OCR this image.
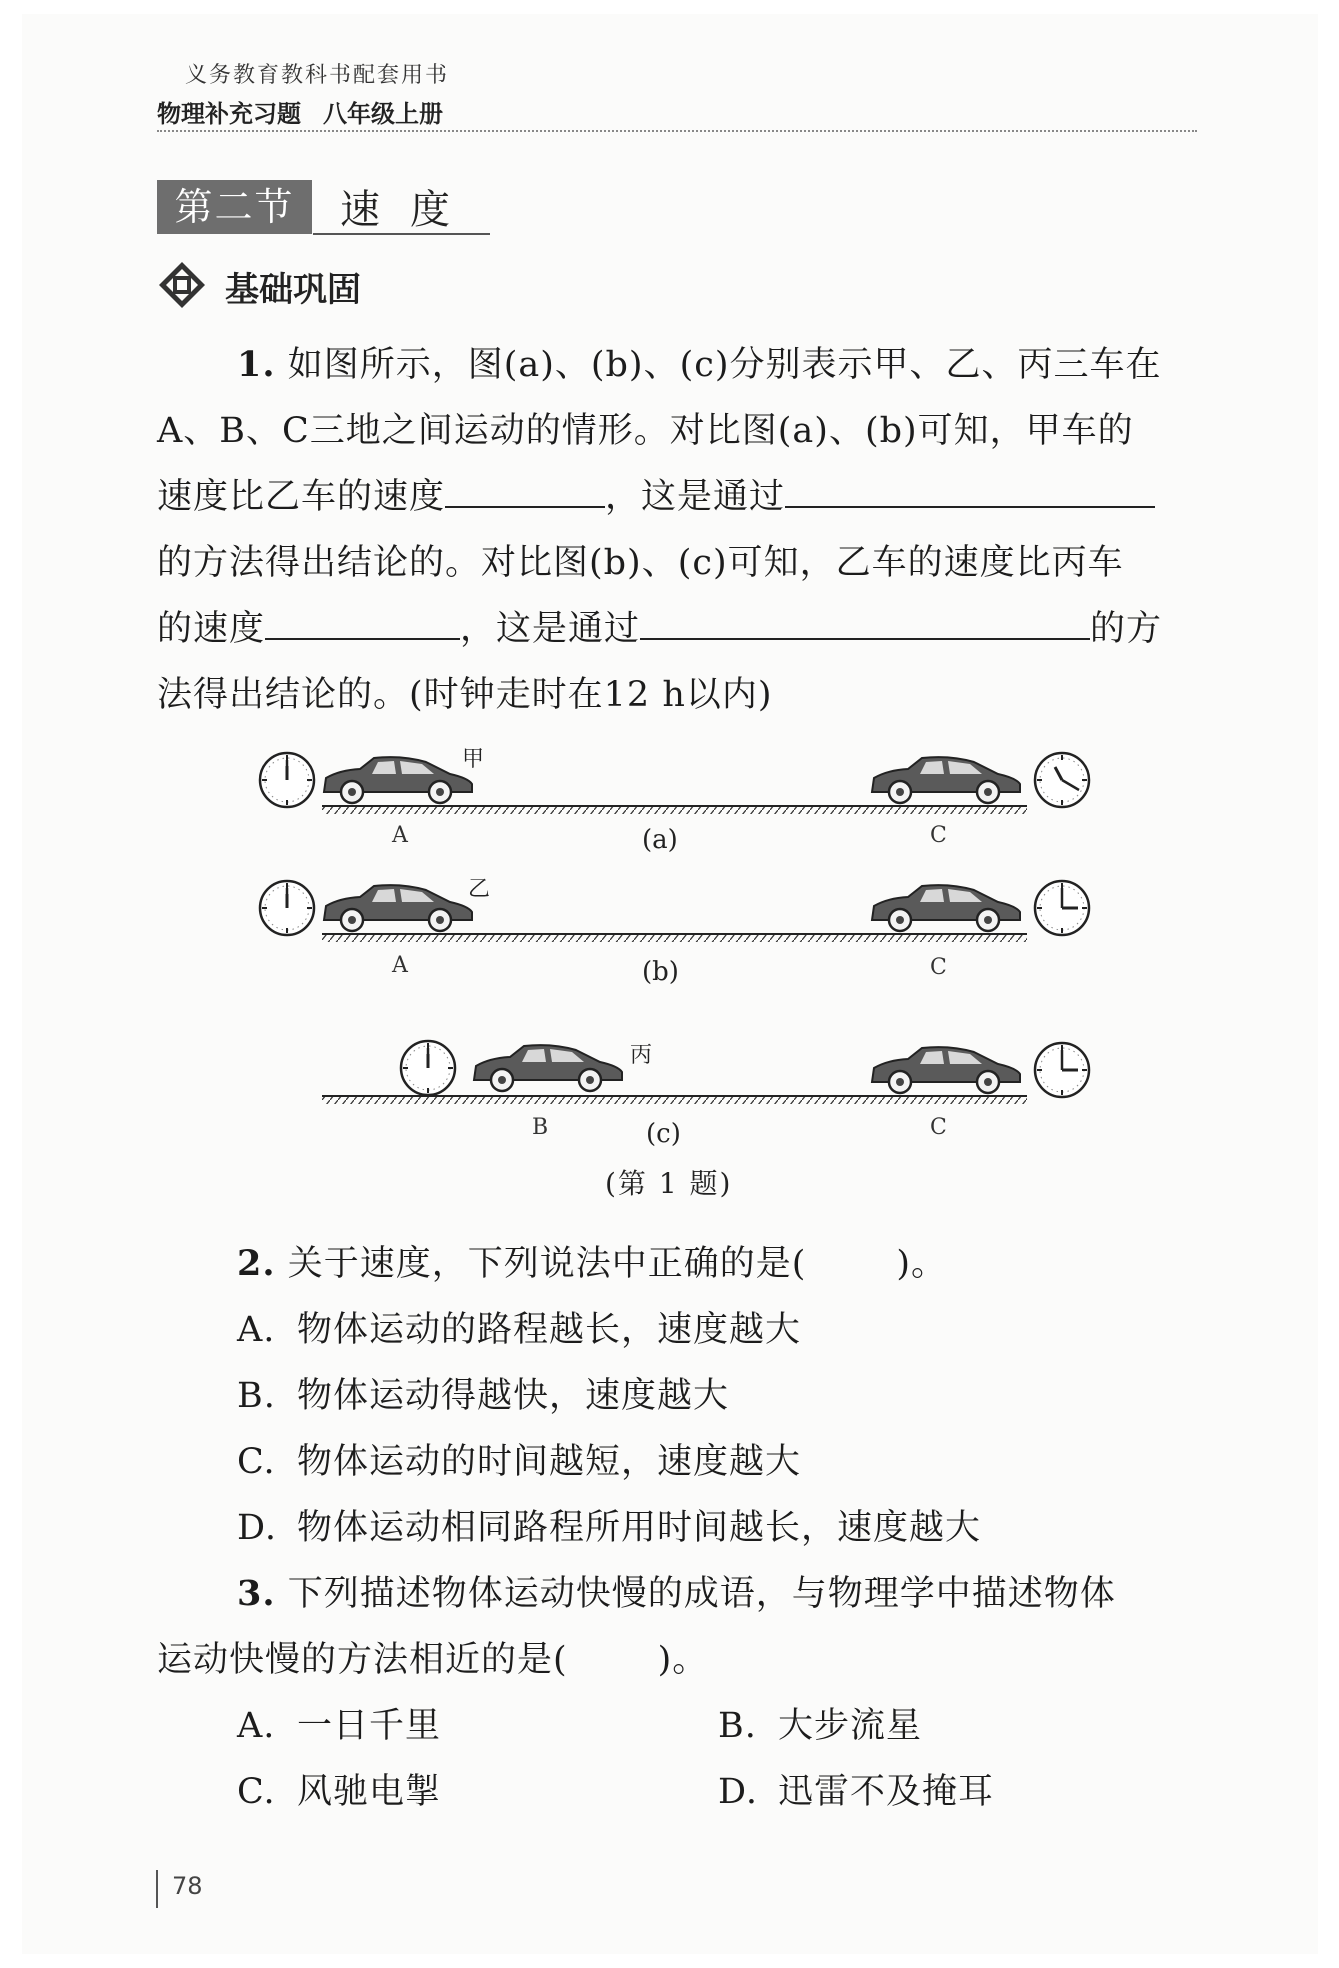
义务教育教科书配套用书
物理补充习题 八年级上册
第二节	速度
基础巩固

1. 如图所示，图(a)、(b)、(c)分别表示甲、乙、丙三车在

A、B、C三地之间运动的情形。对比图(a)、(b)可知，甲车的

速度比乙车的速度	，这是通过

的方法得出结论的。对比图(b)、(c)可知，乙车的速度比丙车

的速度	，这是通过	的方

法得出结论的。(时钟走时在12 h以内)

甲
A	C
(a)
乙
A	C
(b)
丙
B	C
(c)
(第 1 题)
2. 关于速度，下列说法中正确的是(	)。
A. 物体运动的路程越长，速度越大
B. 物体运动得越快，速度越大
C. 物体运动的时间越短，速度越大
D. 物体运动相同路程所用时间越长，速度越大
3. 下列描述物体运动快慢的成语，与物理学中描述物体
运动快慢的方法相近的是(	)。
A. 一日千里	B. 大步流星
C. 风驰电掣	D. 迅雷不及掩耳
78
